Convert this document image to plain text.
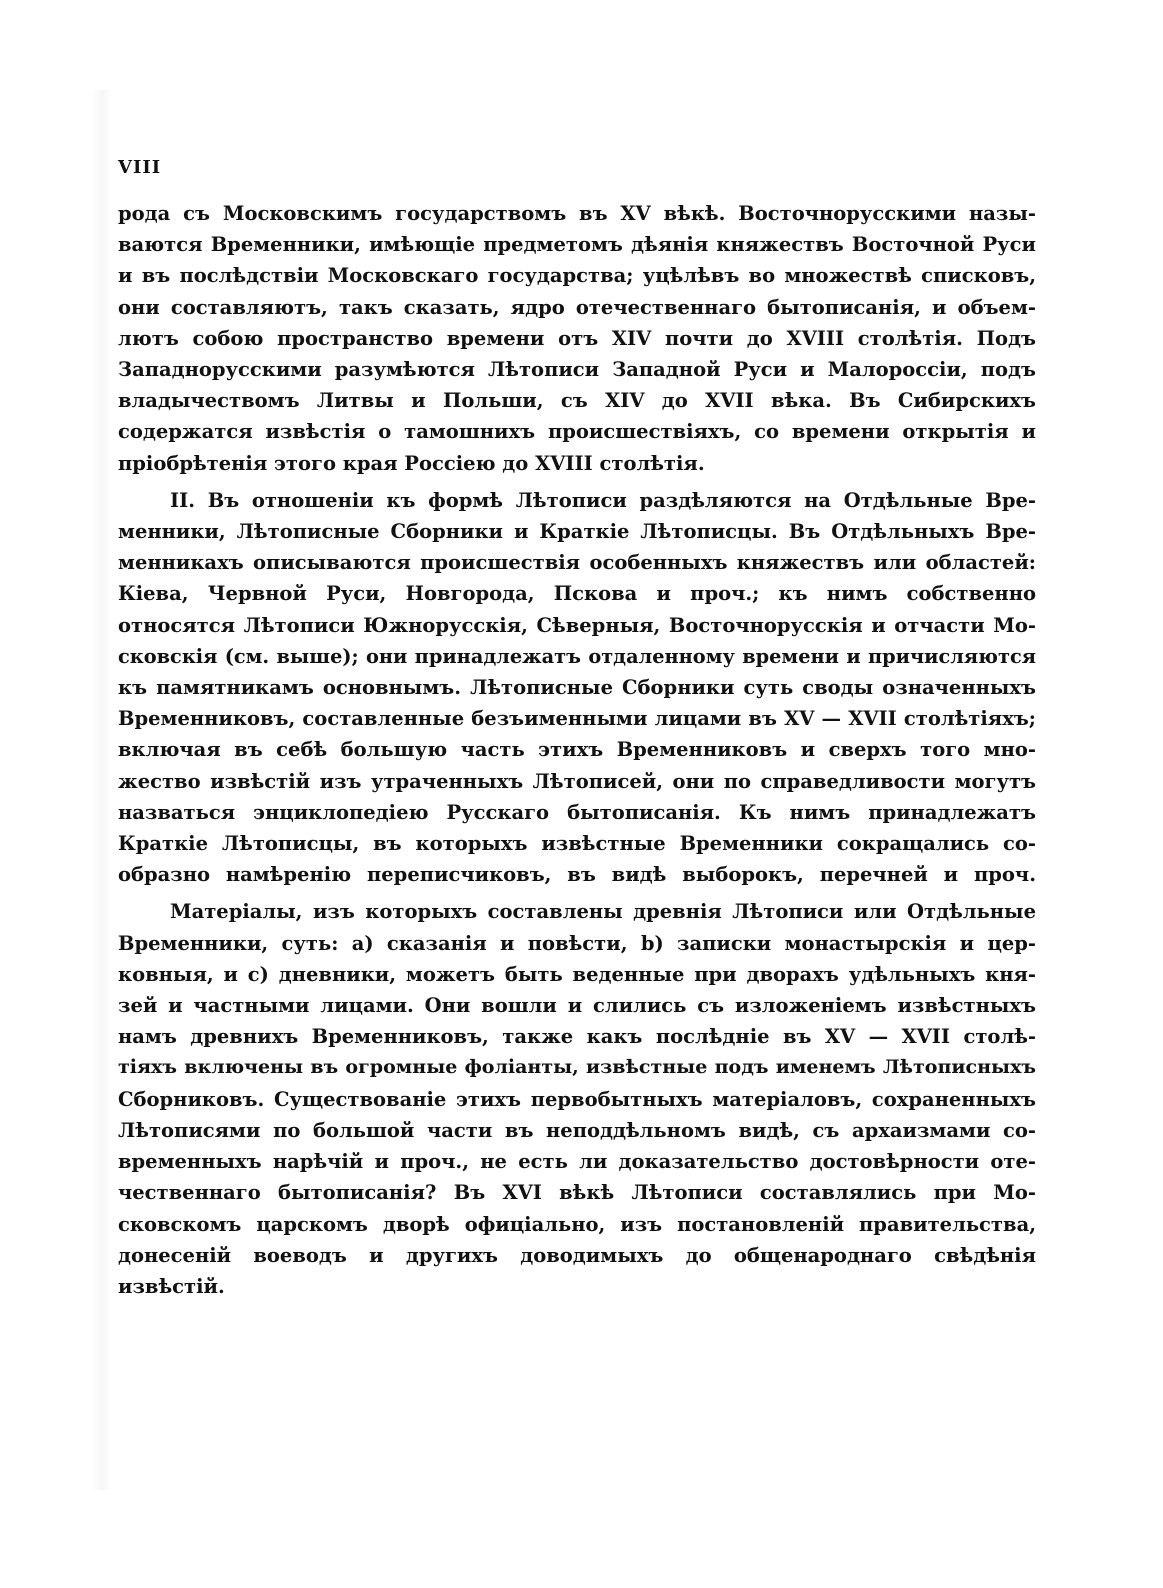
VIII

рода съ Московскимъ государствомъ въ XV вѣкѣ. Восточнорусскими назы-
ваются Временники, имѣющіе предметомъ дѣянія княжествъ Восточной Руси
и въ послѣдствіи Московскаго государства; уцѣлѣвъ во множествѣ списковъ,
они составляютъ, такъ сказать, ядро отечественнаго бытописанія, и объем-
лютъ собою пространство времени отъ XIV почти до XVIII столѣтія. Подъ
Западнорусскими разумѣются Лѣтописи Западной Руси и Малороссіи, подъ
владычествомъ Литвы и Польши, съ XIV до XVII вѣка. Въ Сибирскихъ
содержатся извѣстія о тамошнихъ происшествіяхъ, со времени открытія и
пріобрѣтенія этого края Россіею до XVIII столѣтія.
II. Въ отношеніи къ формѣ Лѣтописи раздѣляются на Отдѣльные Вре-
менники, Лѣтописные Сборники и Краткіе Лѣтописцы. Въ Отдѣльныхъ Вре-
менникахъ описываются происшествія особенныхъ княжествъ или областей:
Кіева, Червной Руси, Новгорода, Пскова и проч.; къ нимъ собственно
относятся Лѣтописи Южнорусскія, Сѣверныя, Восточнорусскія и отчасти Мо-
сковскія (см. выше); они принадлежатъ отдаленному времени и причисляются
къ памятникамъ основнымъ. Лѣтописные Сборники суть своды означенныхъ
Временниковъ, составленные безъименными лицами въ XV — XVII столѣтіяхъ;
включая въ себѣ большую часть этихъ Временниковъ и сверхъ того мно-
жество извѣстій изъ утраченныхъ Лѣтописей, они по справедливости могутъ
назваться энциклопедіею Русскаго бытописанія. Къ нимъ принадлежатъ
Краткіе Лѣтописцы, въ которыхъ извѣстные Временники сокращались со-
образно намѣренію переписчиковъ, въ видѣ выборокъ, перечней и проч.
Матеріалы, изъ которыхъ составлены древнія Лѣтописи или Отдѣльные
Временники, суть: а) сказанія и повѣсти, b) записки монастырскія и цер-
ковныя, и с) дневники, можетъ быть веденные при дворахъ удѣльныхъ кня-
зей и частными лицами. Они вошли и слились съ изложеніемъ извѣстныхъ
намъ древнихъ Временниковъ, также какъ послѣдніе въ XV — XVII столѣ-
тіяхъ включены въ огромные фоліанты, извѣстные подъ именемъ Лѣтописныхъ
Сборниковъ. Существованіе этихъ первобытныхъ матеріаловъ, сохраненныхъ
Лѣтописями по большой части въ неподдѣльномъ видѣ, съ архаизмами со-
временныхъ нарѣчій и проч., не есть ли доказательство достовѣрности оте-
чественнаго бытописанія? Въ XVI вѣкѣ Лѣтописи составлялись при Мо-
сковскомъ царскомъ дворѣ офиціально, изъ постановленій правительства,
донесеній воеводъ и другихъ доводимыхъ до общенароднаго свѣдѣнія
извѣстій.
